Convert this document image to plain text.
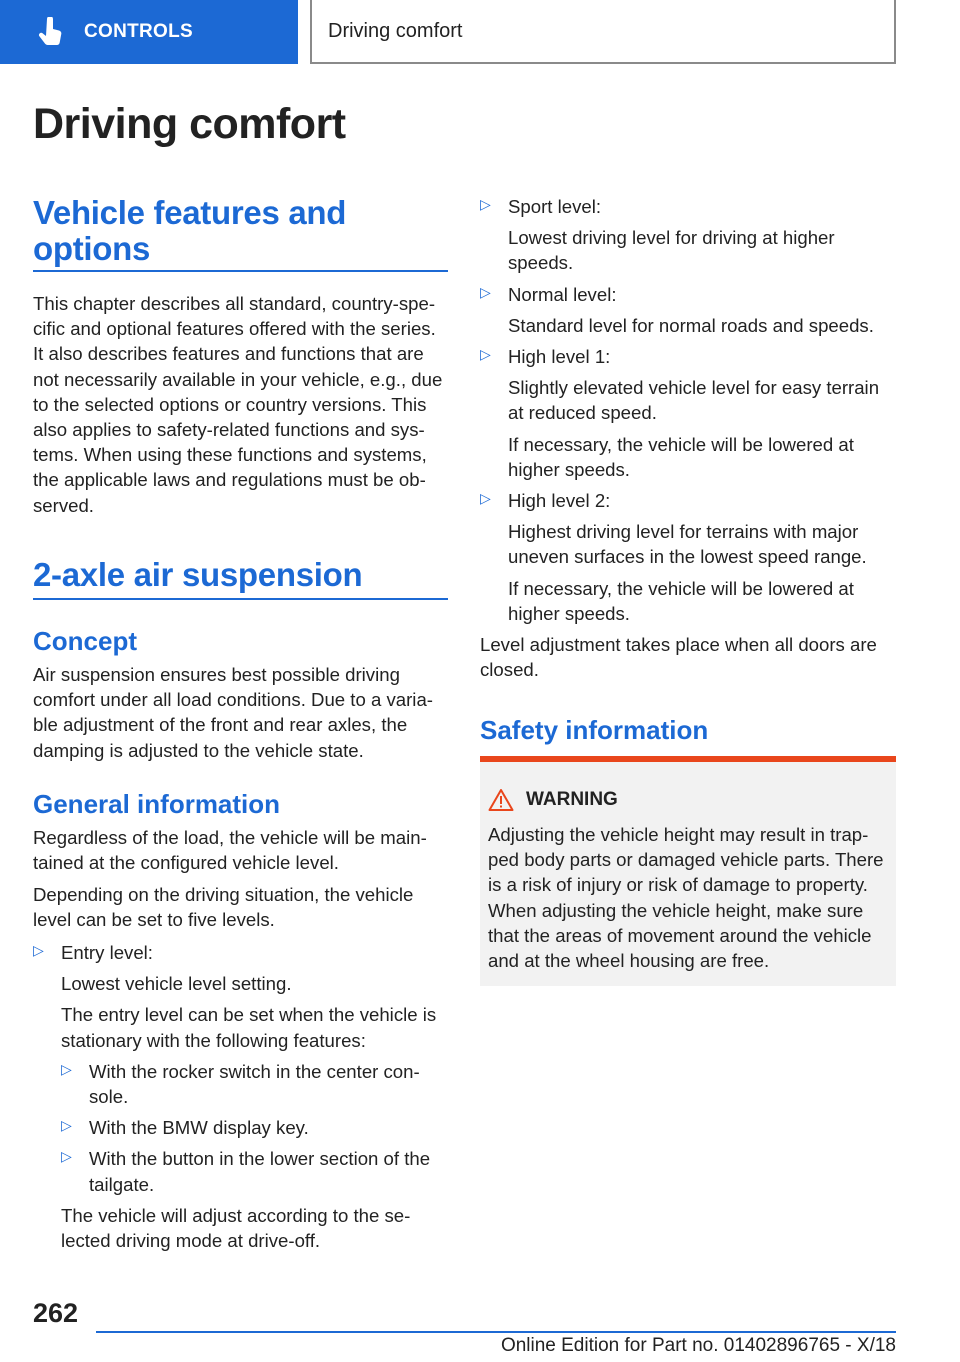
CONTROLS	Driving comfort
Driving comfort
Vehicle features and options

This chapter describes all standard, country-specific and optional features offered with the series. It also describes features and functions that are not necessarily available in your vehicle, e.g., due to the selected options or country versions. This also applies to safety-related functions and systems. When using these functions and systems, the applicable laws and regulations must be observed.

2-axle air suspension
Concept

Air suspension ensures best possible driving comfort under all load conditions. Due to a variable adjustment of the front and rear axles, the damping is adjusted to the vehicle state.

General information

Regardless of the load, the vehicle will be maintained at the configured vehicle level.

Depending on the driving situation, the vehicle level can be set to five levels.

▷ Entry level:

Lowest vehicle level setting.

The entry level can be set when the vehicle is stationary with the following features:

▷ With the rocker switch in the center console.

▷ With the BMW display key.

▷ With the button in the lower section of the tailgate.

The vehicle will adjust according to the selected driving mode at drive-off.

▷ Sport level:

Lowest driving level for driving at higher speeds.

▷ Normal level:

Standard level for normal roads and speeds.

▷ High level 1:

Slightly elevated vehicle level for easy terrain at reduced speed.

If necessary, the vehicle will be lowered at higher speeds.

▷ High level 2:

Highest driving level for terrains with major uneven surfaces in the lowest speed range.

If necessary, the vehicle will be lowered at higher speeds.

Level adjustment takes place when all doors are closed.

Safety information
WARNING

Adjusting the vehicle height may result in trapped body parts or damaged vehicle parts. There is a risk of injury or risk of damage to property. When adjusting the vehicle height, make sure that the areas of movement around the vehicle and at the wheel housing are free.

262
Online Edition for Part no. 01402896765 - X/18
